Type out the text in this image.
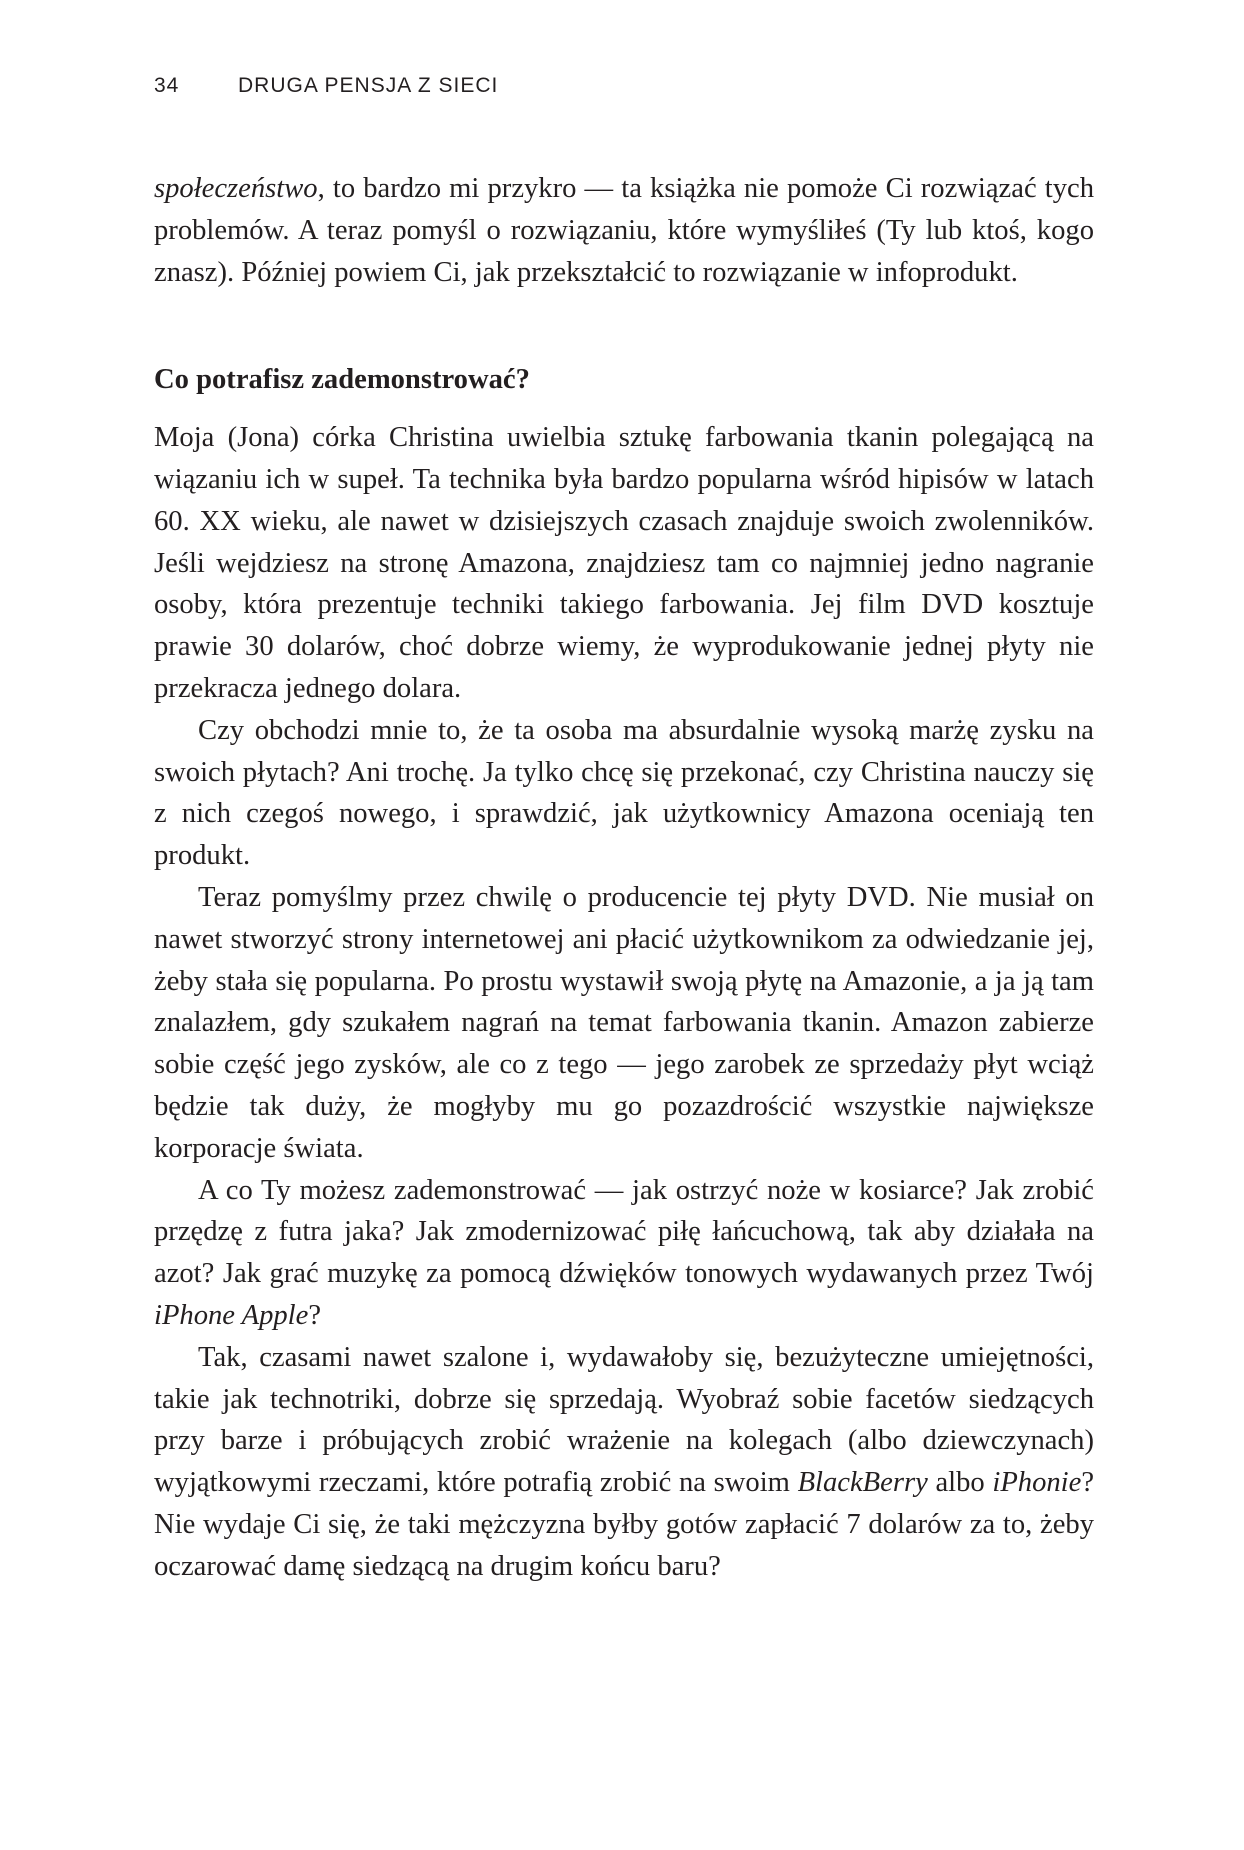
34	DRUGA PENSJA Z SIECI

społeczeństwo, to bardzo mi przykro — ta książka nie pomoże Ci rozwiązać tych problemów. A teraz pomyśl o rozwiązaniu, które wymyśliłeś (Ty lub ktoś, kogo znasz). Później powiem Ci, jak przekształcić to rozwiązanie w infoprodukt.

Co potrafisz zademonstrować?

Moja (Jona) córka Christina uwielbia sztukę farbowania tkanin polegającą na wiązaniu ich w supeł. Ta technika była bardzo popularna wśród hipisów w latach 60. XX wieku, ale nawet w dzisiejszych czasach znajduje swoich zwolenników. Jeśli wejdziesz na stronę Amazona, znajdziesz tam co najmniej jedno nagranie osoby, która prezentuje techniki takiego farbowania. Jej film DVD kosztuje prawie 30 dolarów, choć dobrze wiemy, że wyprodukowanie jednej płyty nie przekracza jednego dolara.

Czy obchodzi mnie to, że ta osoba ma absurdalnie wysoką marżę zysku na swoich płytach? Ani trochę. Ja tylko chcę się przekonać, czy Christina nauczy się z nich czegoś nowego, i sprawdzić, jak użytkownicy Amazona oceniają ten produkt.

Teraz pomyślmy przez chwilę o producencie tej płyty DVD. Nie musiał on nawet stworzyć strony internetowej ani płacić użytkownikom za odwiedzanie jej, żeby stała się popularna. Po prostu wystawił swoją płytę na Amazonie, a ja ją tam znalazłem, gdy szukałem nagrań na temat farbowania tkanin. Amazon zabierze sobie część jego zysków, ale co z tego — jego zarobek ze sprzedaży płyt wciąż będzie tak duży, że mogłyby mu go pozazdrościć wszystkie największe korporacje świata.

A co Ty możesz zademonstrować — jak ostrzyć noże w kosiarce? Jak zrobić przędzę z futra jaka? Jak zmodernizować piłę łańcuchową, tak aby działała na azot? Jak grać muzykę za pomocą dźwięków tonowych wydawanych przez Twój iPhone Apple?

Tak, czasami nawet szalone i, wydawałoby się, bezużyteczne umiejętności, takie jak technotriki, dobrze się sprzedają. Wyobraź sobie facetów siedzących przy barze i próbujących zrobić wrażenie na kolegach (albo dziewczynach) wyjątkowymi rzeczami, które potrafią zrobić na swoim BlackBerry albo iPhonie? Nie wydaje Ci się, że taki mężczyzna byłby gotów zapłacić 7 dolarów za to, żeby oczarować damę siedzącą na drugim końcu baru?
